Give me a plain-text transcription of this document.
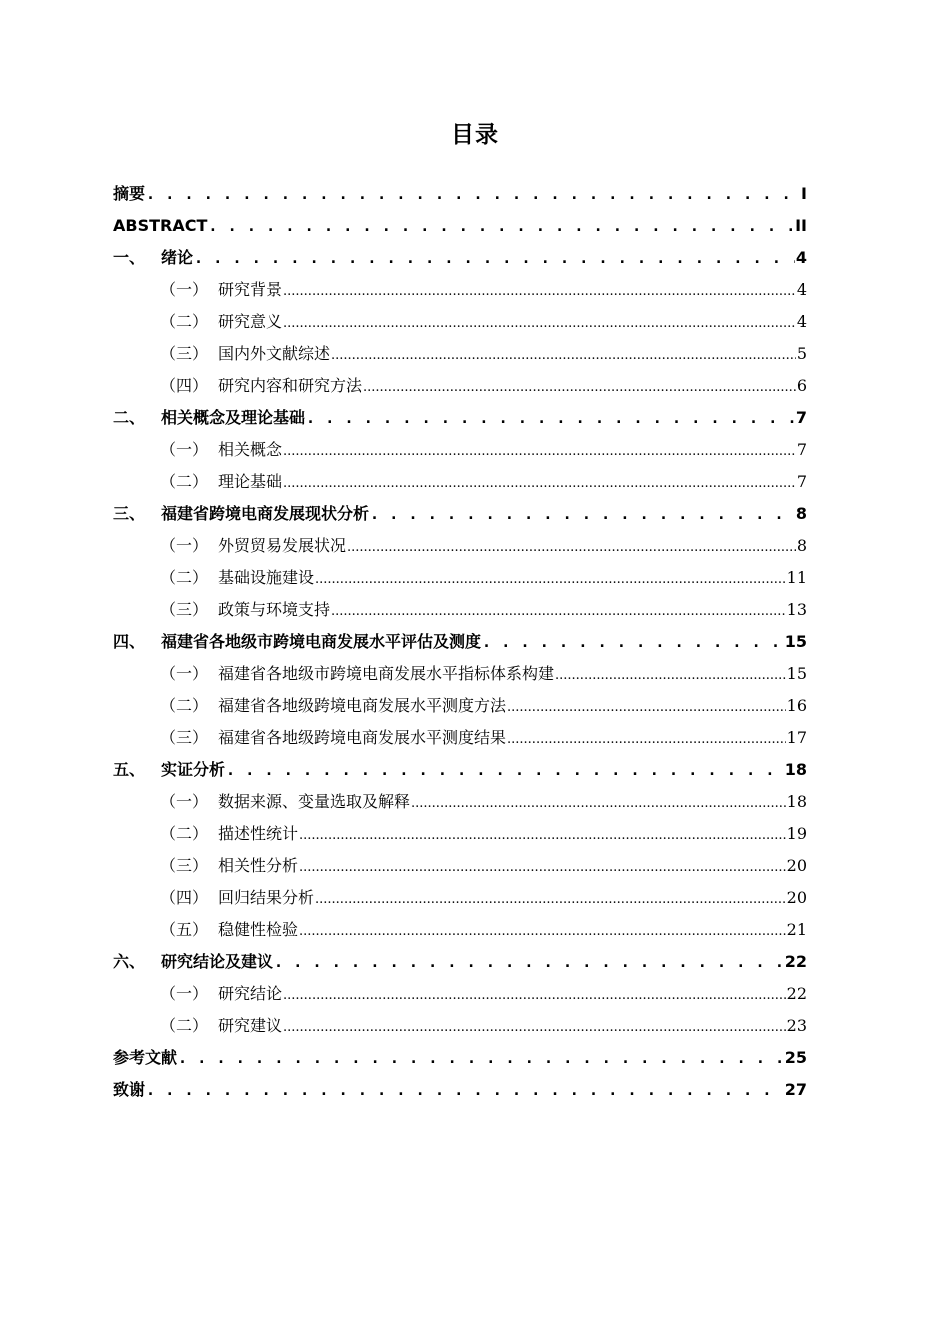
目录
摘要 . . .	I
ABSTRACT . . .	II
一、 绪论 . . .	4
（一） 研究背景 .....	4
（二） 研究意义 .....	4
（三） 国内外文献综述 .....	5
（四） 研究内容和研究方法 .....	6
二、 相关概念及理论基础 . . .	7
（一） 相关概念 .....	7
（二） 理论基础 .....	7
三、 福建省跨境电商发展现状分析 . . .	8
（一） 外贸贸易发展状况 .....	8
（二） 基础设施建设 .....	11
（三） 政策与环境支持 .....	13
四、 福建省各地级市跨境电商发展水平评估及测度 . . .	15
（一） 福建省各地级市跨境电商发展水平指标体系构建 .....	15
（二） 福建省各地级跨境电商发展水平测度方法 .....	16
（三） 福建省各地级跨境电商发展水平测度结果 .....	17
五、 实证分析 . . .	18
（一） 数据来源、变量选取及解释 .....	18
（二） 描述性统计 .....	19
（三） 相关性分析 .....	20
（四） 回归结果分析 .....	20
（五） 稳健性检验 .....	21
六、 研究结论及建议 . . .	22
（一） 研究结论 .....	22
（二） 研究建议 .....	23
参考文献 . . .	25
致谢 . . .	27
